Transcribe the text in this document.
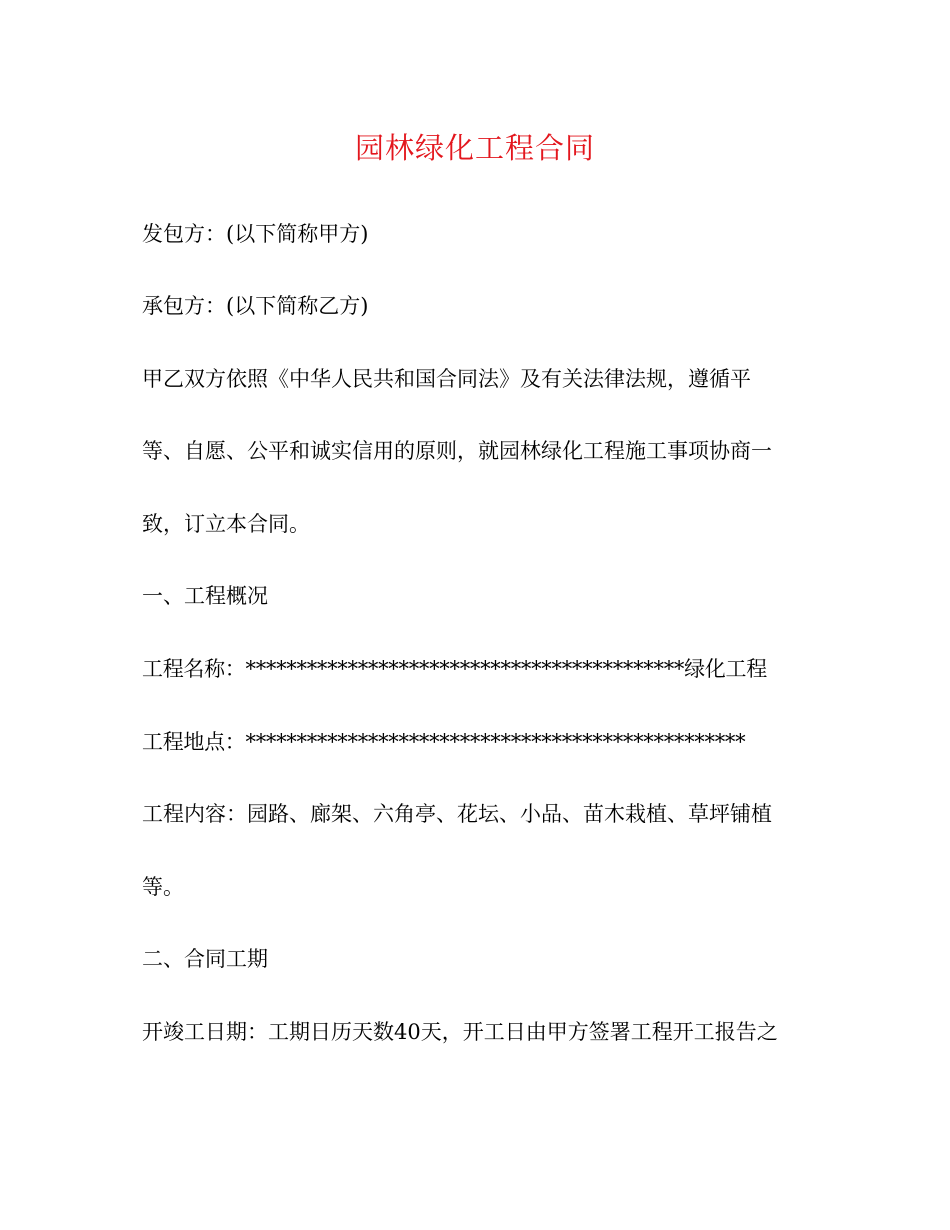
园林绿化工程合同
发包方：(以下简称甲方)
承包方：(以下简称乙方)
甲乙双方依照《中华人民共和国合同法》及有关法律法规，遵循平
等、自愿、公平和诚实信用的原则，就园林绿化工程施工事项协商一
致，订立本合同。
一、工程概况
工程名称：*******************************************绿化工程
工程地点：*************************************************
工程内容：园路、廊架、六角亭、花坛、小品、苗木栽植、草坪铺植
等。
二、合同工期
开竣工日期：工期日历天数40天，开工日由甲方签署工程开工报告之
